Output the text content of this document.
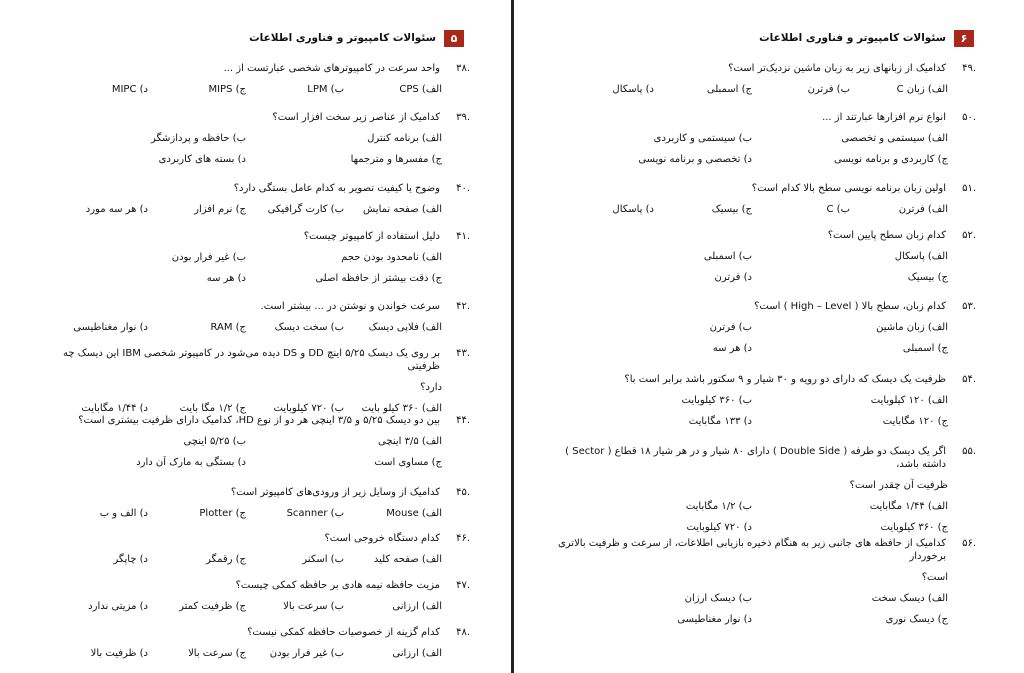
۵
سئوالات کامپیوتر و فناوری اطلاعات
۳۸.
واحد سرعت در کامپیوترهای شخصی عبارتست از ...
الف) CPS
ب) LPM
ج) MIPS
د) MIPC
۳۹.
کدامیک از عناصر زیر سخت افزار است؟
الف) برنامه کنترل
ب) حافظه و پردازشگر
ج) مفسرها و مترجمها
د) بسته های کاربردی
۴۰.
وضوح یا کیفیت تصویر به کدام عامل بستگی دارد؟
الف) صفحه نمایش
ب) کارت گرافیکی
ج) نرم افزار
د) هر سه مورد
۴۱.
دلیل استفاده از کامپیوتر چیست؟
الف) نامحدود بودن حجم
ب) غیر فرار بودن
ج) دقت بیشتر از حافظه اصلی
د) هر سه
۴۲.
سرعت خواندن و نوشتن در ... بیشتر است.
الف) فلاپی دیسک
ب) سخت دیسک
ج) RAM
د) نوار مغناطیسی
۴۳.
بر روی یک دیسک ۵/۲۵ اینچ DD و DS دیده می‌شود در کامپیوتر شخصی IBM این دیسک چه ظرفیتی
دارد؟
الف) ۳۶۰ کیلو بایت
ب) ۷۲۰ کیلوبایت
ج) ۱/۲ مگا بایت
د) ۱/۴۴ مگابایت
۴۴.
بین دو دیسک ۵/۲۵ و ۳/۵ اینچی هر دو از نوع HD، کدامیک دارای ظرفیت بیشتری است؟
الف) ۳/۵ اینچی
ب) ۵/۲۵ اینچی
ج) مساوی است
د) بستگی به مارک آن دارد
۴۵.
کدامیک از وسایل زیر از ورودی‌های کامپیوتر است؟
الف) Mouse
ب) Scanner
ج) Plotter
د) الف و ب
۴۶.
کدام دستگاه خروجی است؟
الف) صفحه کلید
ب) اسکنر
ج) رقمگر
د) چاپگر
۴۷.
مزیت حافظه نیمه هادی بر حافظه کمکی چیست؟
الف) ارزانی
ب) سرعت بالا
ج) ظرفیت کمتر
د) مزیتی ندارد
۴۸.
کدام گزینه از خصوصیات حافظه کمکی نیست؟
الف) ارزانی
ب) غیر فرار بودن
ج) سرعت بالا
د) ظرفیت بالا
۶
سئوالات کامپیوتر و فناوری اطلاعات
۴۹.
کدامیک از زبانهای زیر به زبان ماشین نزدیک‌تر است؟
الف) زبان C
ب) فرترن
ج) اسمبلی
د) پاسکال
۵۰.
انواع نرم افزارها عبارتند از ...
الف) سیستمی و تخصصی
ب) سیستمی و کاربردی
ج) کاربردی و برنامه نویسی
د) تخصصی و برنامه نویسی
۵۱.
اولین زبان برنامه نویسی سطح بالا کدام است؟
الف) فرترن
ب) C
ج) بیسیک
د) پاسکال
۵۲.
کدام زبان سطح پایین است؟
الف) پاسکال
ب) اسمبلی
ج) بیسیک
د) فرترن
۵۳.
کدام زبان، سطح بالا ( High – Level ) است؟
الف) زبان ماشین
ب) فرترن
ج) اسمبلی
د) هر سه
۵۴.
ظرفیت یک دیسک که دارای دو رویه و ۳۰ شیار و ۹ سکتور باشد برابر است با؟
الف) ۱۲۰ کیلوبایت
ب) ۳۶۰ کیلوبایت
ج) ۱۲۰ مگابایت
د) ۱۳۳ مگابایت
۵۵.
اگر یک دیسک دو طرفه ( Double Side ) دارای ۸۰ شیار و در هر شیار ۱۸ قطاع ( Sector ) داشته باشد،
ظرفیت آن چقدر است؟
الف) ۱/۴۴ مگابایت
ب) ۱/۲ مگابایت
ج) ۳۶۰ کیلوبایت
د) ۷۲۰ کیلوبایت
۵۶.
کدامیک از حافظه های جانبی زیر به هنگام ذخیره بازیابی اطلاعات، از سرعت و ظرفیت بالاتری برخوردار
است؟
الف) دیسک سخت
ب) دیسک ارزان
ج) دیسک نوری
د) نوار مغناطیسی
